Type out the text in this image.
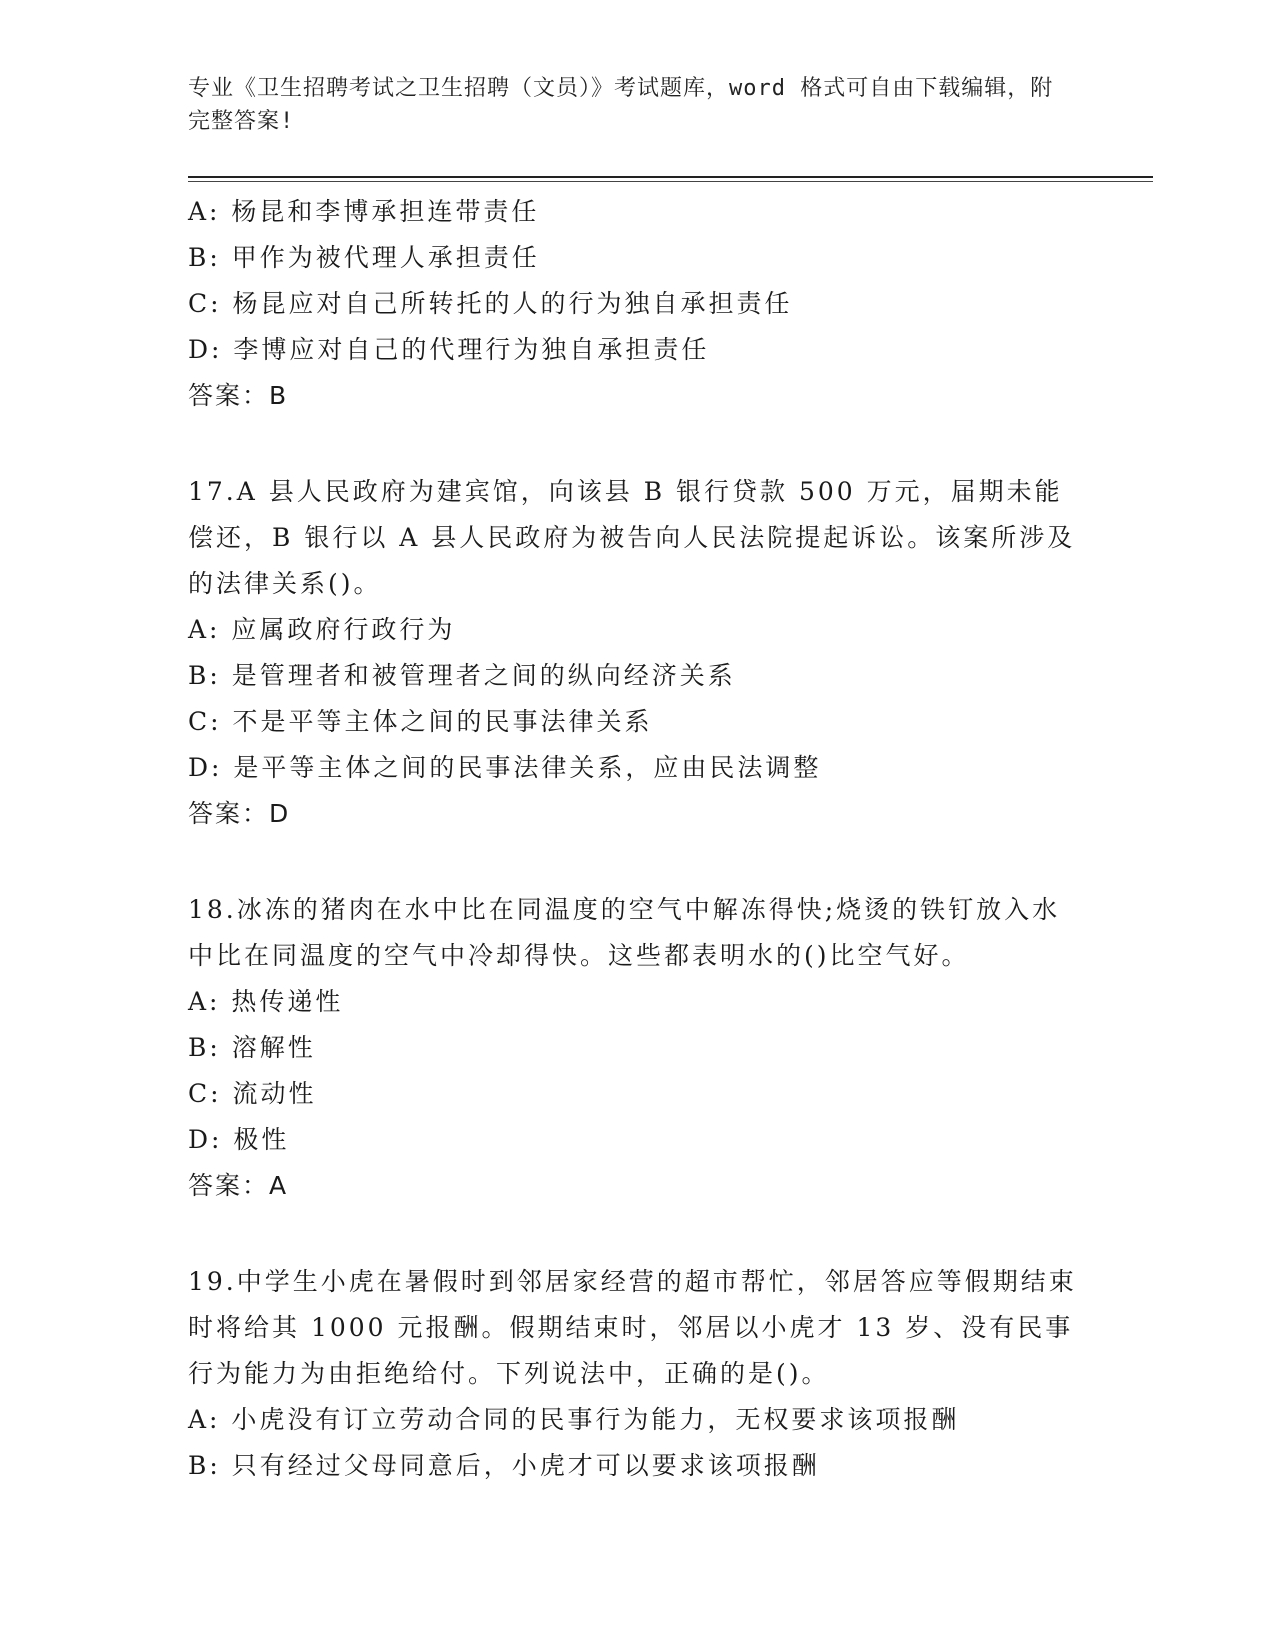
专业《卫生招聘考试之卫生招聘（文员）》考试题库，word 格式可自由下载编辑，附完整答案!
A: 杨昆和李博承担连带责任
B: 甲作为被代理人承担责任
C: 杨昆应对自己所转托的人的行为独自承担责任
D: 李博应对自己的代理行为独自承担责任
答案：B
17.A 县人民政府为建宾馆，向该县 B 银行贷款 500 万元，届期未能偿还，B 银行以 A 县人民政府为被告向人民法院提起诉讼。该案所涉及的法律关系()。
A: 应属政府行政行为
B: 是管理者和被管理者之间的纵向经济关系
C: 不是平等主体之间的民事法律关系
D: 是平等主体之间的民事法律关系，应由民法调整
答案：D
18.冰冻的猪肉在水中比在同温度的空气中解冻得快;烧烫的铁钉放入水中比在同温度的空气中冷却得快。这些都表明水的()比空气好。
A: 热传递性
B: 溶解性
C: 流动性
D: 极性
答案：A
19.中学生小虎在暑假时到邻居家经营的超市帮忙，邻居答应等假期结束时将给其 1000 元报酬。假期结束时，邻居以小虎才 13 岁、没有民事行为能力为由拒绝给付。下列说法中，正确的是()。
A: 小虎没有订立劳动合同的民事行为能力，无权要求该项报酬
B: 只有经过父母同意后，小虎才可以要求该项报酬
